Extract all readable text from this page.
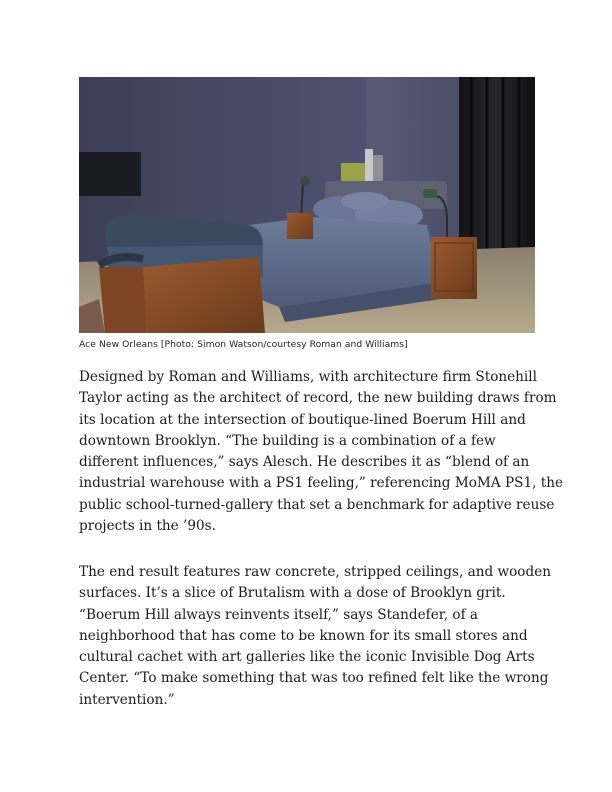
Ace New Orleans [Photo: Simon Watson/courtesy Roman and Williams]

Designed by Roman and Williams, with architecture firm Stonehill
Taylor acting as the architect of record, the new building draws from
its location at the intersection of boutique-lined Boerum Hill and
downtown Brooklyn. “The building is a combination of a few
different influences,” says Alesch. He describes it as “blend of an
industrial warehouse with a PS1 feeling,” referencing MoMA PS1, the
public school-turned-gallery that set a benchmark for adaptive reuse
projects in the ’90s.

The end result features raw concrete, stripped ceilings, and wooden
surfaces. It’s a slice of Brutalism with a dose of Brooklyn grit.
“Boerum Hill always reinvents itself,” says Standefer, of a
neighborhood that has come to be known for its small stores and
cultural cachet with art galleries like the iconic Invisible Dog Arts
Center. “To make something that was too refined felt like the wrong
intervention.”
